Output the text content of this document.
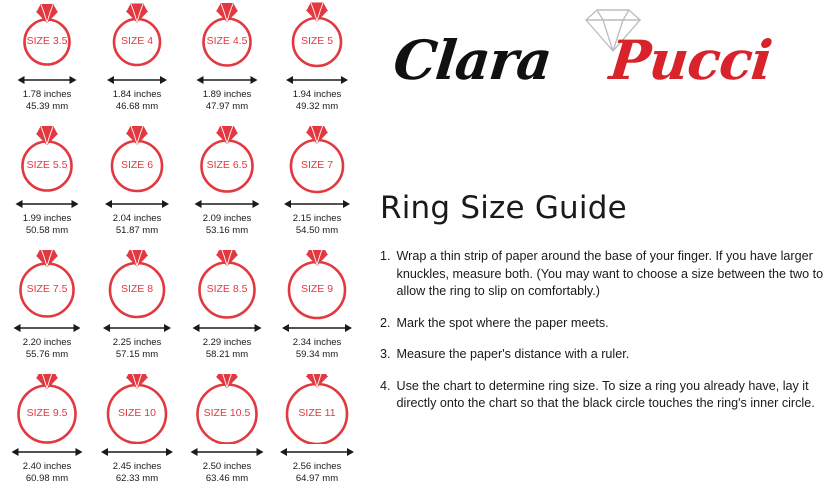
SIZE 3.5
1.78 inches
45.39 mm
SIZE 4
1.84 inches
46.68 mm
SIZE 4.5
1.89 inches
47.97 mm
SIZE 5
1.94 inches
49.32 mm
SIZE 5.5
1.99 inches
50.58 mm
SIZE 6
2.04 inches
51.87 mm
SIZE 6.5
2.09 inches
53.16 mm
SIZE 7
2.15 inches
54.50 mm
SIZE 7.5
2.20 inches
55.76 mm
SIZE 8
2.25 inches
57.15 mm
SIZE 8.5
2.29 inches
58.21 mm
SIZE 9
2.34 inches
59.34 mm
SIZE 9.5
2.40 inches
60.98 mm
SIZE 10
2.45 inches
62.33 mm
SIZE 10.5
2.50 inches
63.46 mm
SIZE 11
2.56 inches
64.97 mm
Clara Pucci
Ring Size Guide
1. Wrap a thin strip of paper around the base of your finger. If you have larger knuckles, measure both. (You may want to choose a size between the two to allow the ring to slip on comfortably.)
2. Mark the spot where the paper meets.
3. Measure the paper's distance with a ruler.
4. Use the chart to determine ring size. To size a ring you already have, lay it directly onto the chart so that the black circle touches the ring's inner circle.
